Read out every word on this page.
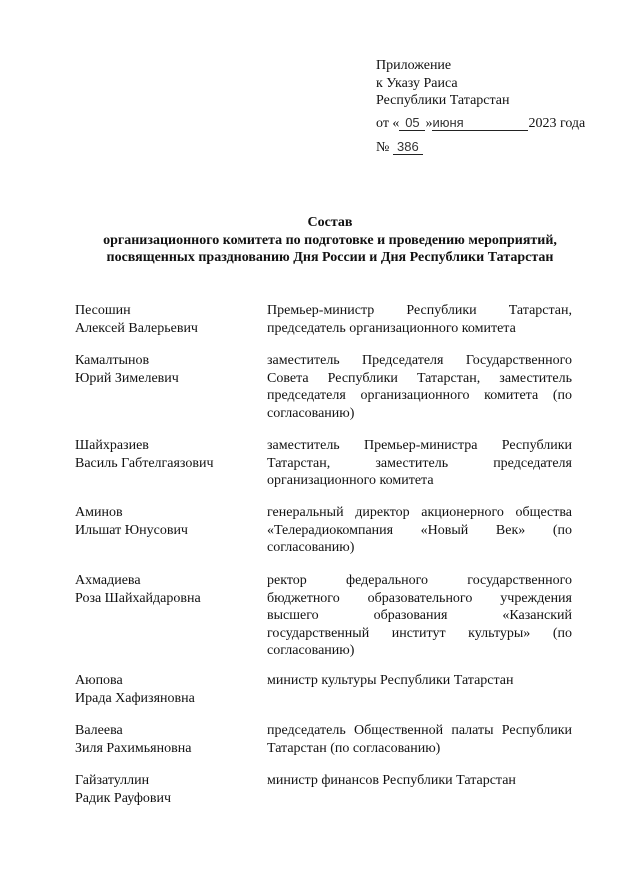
Приложение
к Указу Раиса
Республики Татарстан
от « 05 »июня	2023 года
№ 386
Состав
организационного комитета по подготовке и проведению мероприятий,
посвященных празднованию Дня России и Дня Республики Татарстан
Песошин
Алексей Валерьевич
Премьер-министр Республики Татарстан, председатель организационного комитета
Камалтынов
Юрий Зимелевич
заместитель Председателя Государственного Совета Республики Татарстан, заместитель председателя организационного комитета (по согласованию)
Шайхразиев
Василь Габтелгаязович
заместитель Премьер-министра Республики Татарстан, заместитель председателя организационного комитета
Аминов
Ильшат Юнусович
генеральный директор акционерного общества «Телерадиокомпания «Новый Век» (по согласованию)
Ахмадиева
Роза Шайхайдаровна
ректор федерального государственного бюджетного образовательного учреждения высшего образования «Казанский государственный институт культуры» (по согласованию)
Аюпова
Ирада Хафизяновна
министр культуры Республики Татарстан
Валеева
Зиля Рахимьяновна
председатель Общественной палаты Республики Татарстан (по согласованию)
Гайзатуллин
Радик Рауфович
министр финансов Республики Татарстан
